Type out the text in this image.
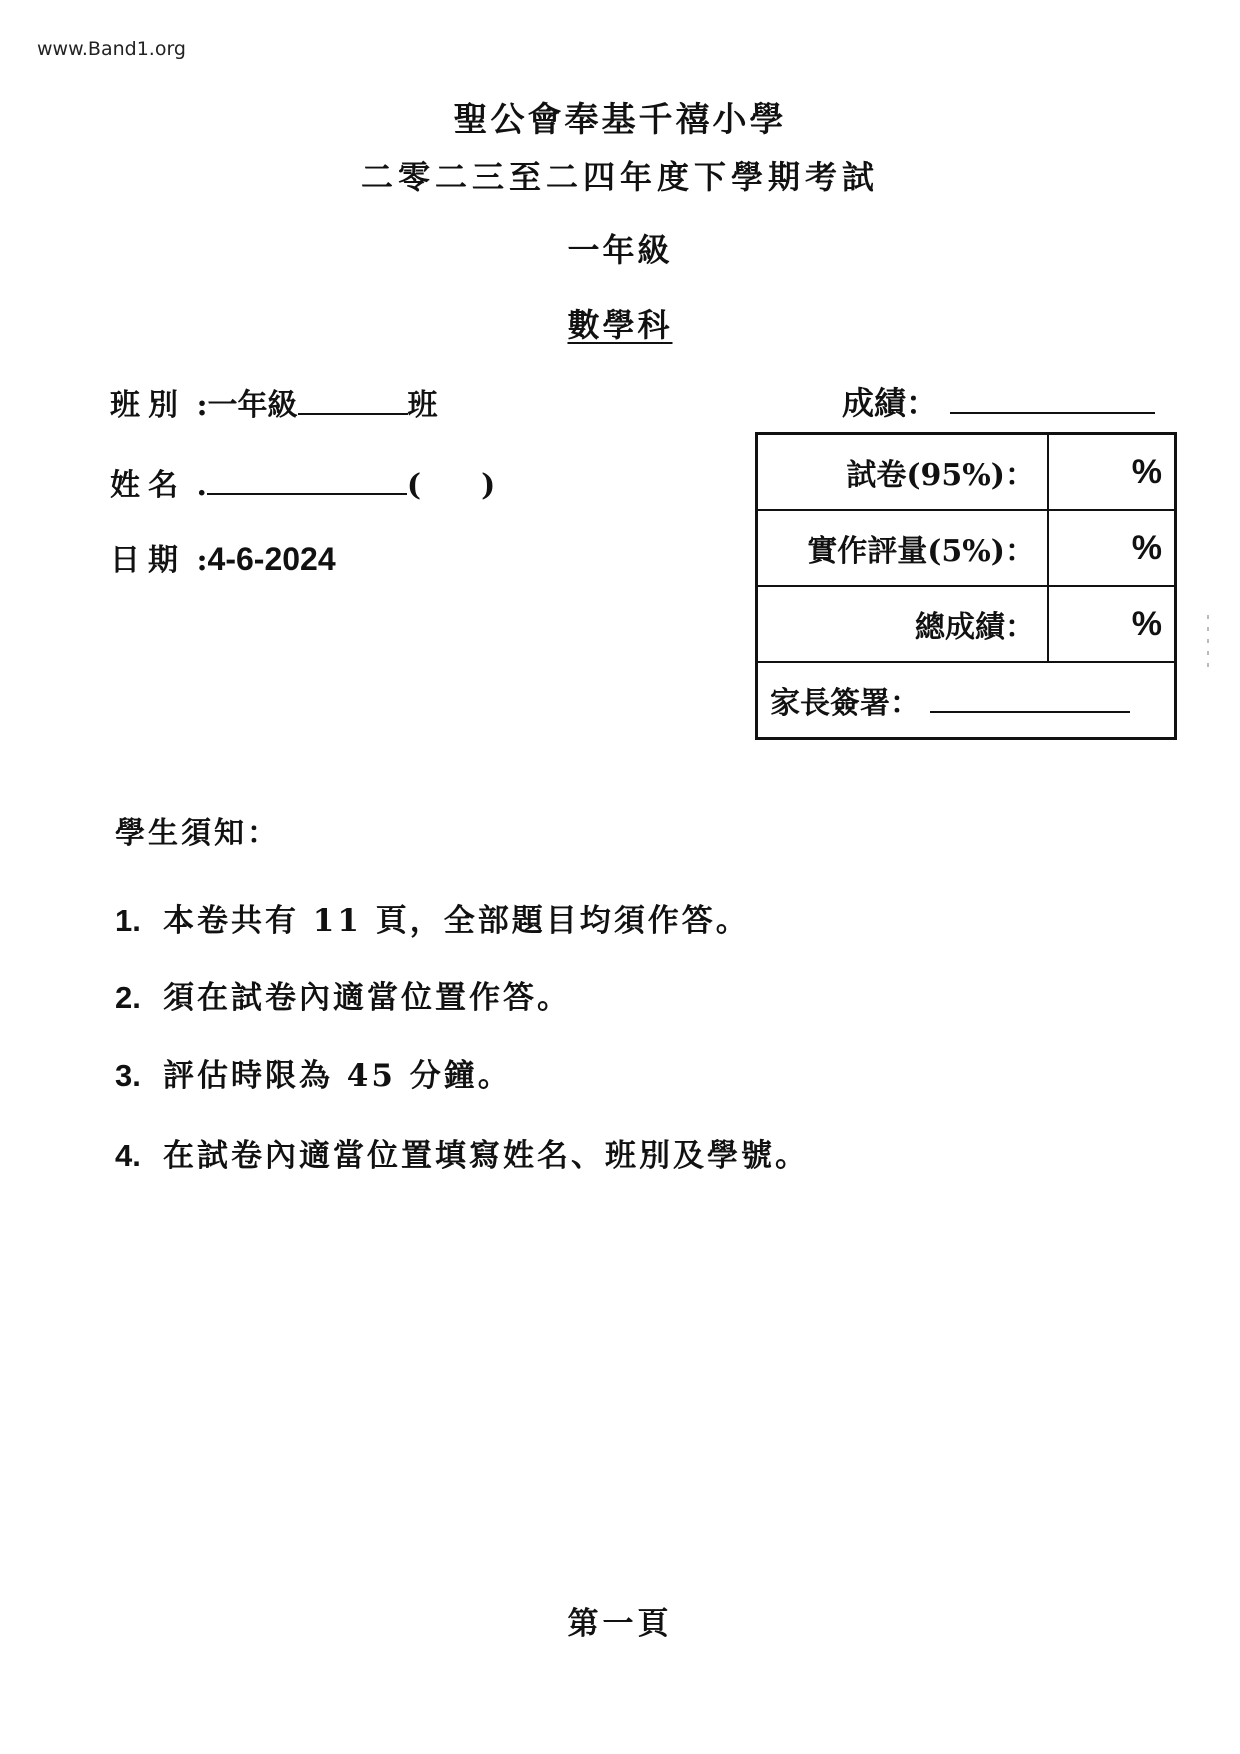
www.Band1.org
聖公會奉基千禧小學
二零二三至二四年度下學期考試
一年級
數學科
班別 :一年級	班
姓名 .	( )
日期 :4-6-2024
成績：
試卷(95%)：	%
實作評量(5%)：	%
總成績：	%
家長簽署：	
學生須知：
1. 本卷共有 11 頁，全部題目均須作答。
2. 須在試卷內適當位置作答。
3. 評估時限為 45 分鐘。
4. 在試卷內適當位置填寫姓名、班別及學號。
第一頁
